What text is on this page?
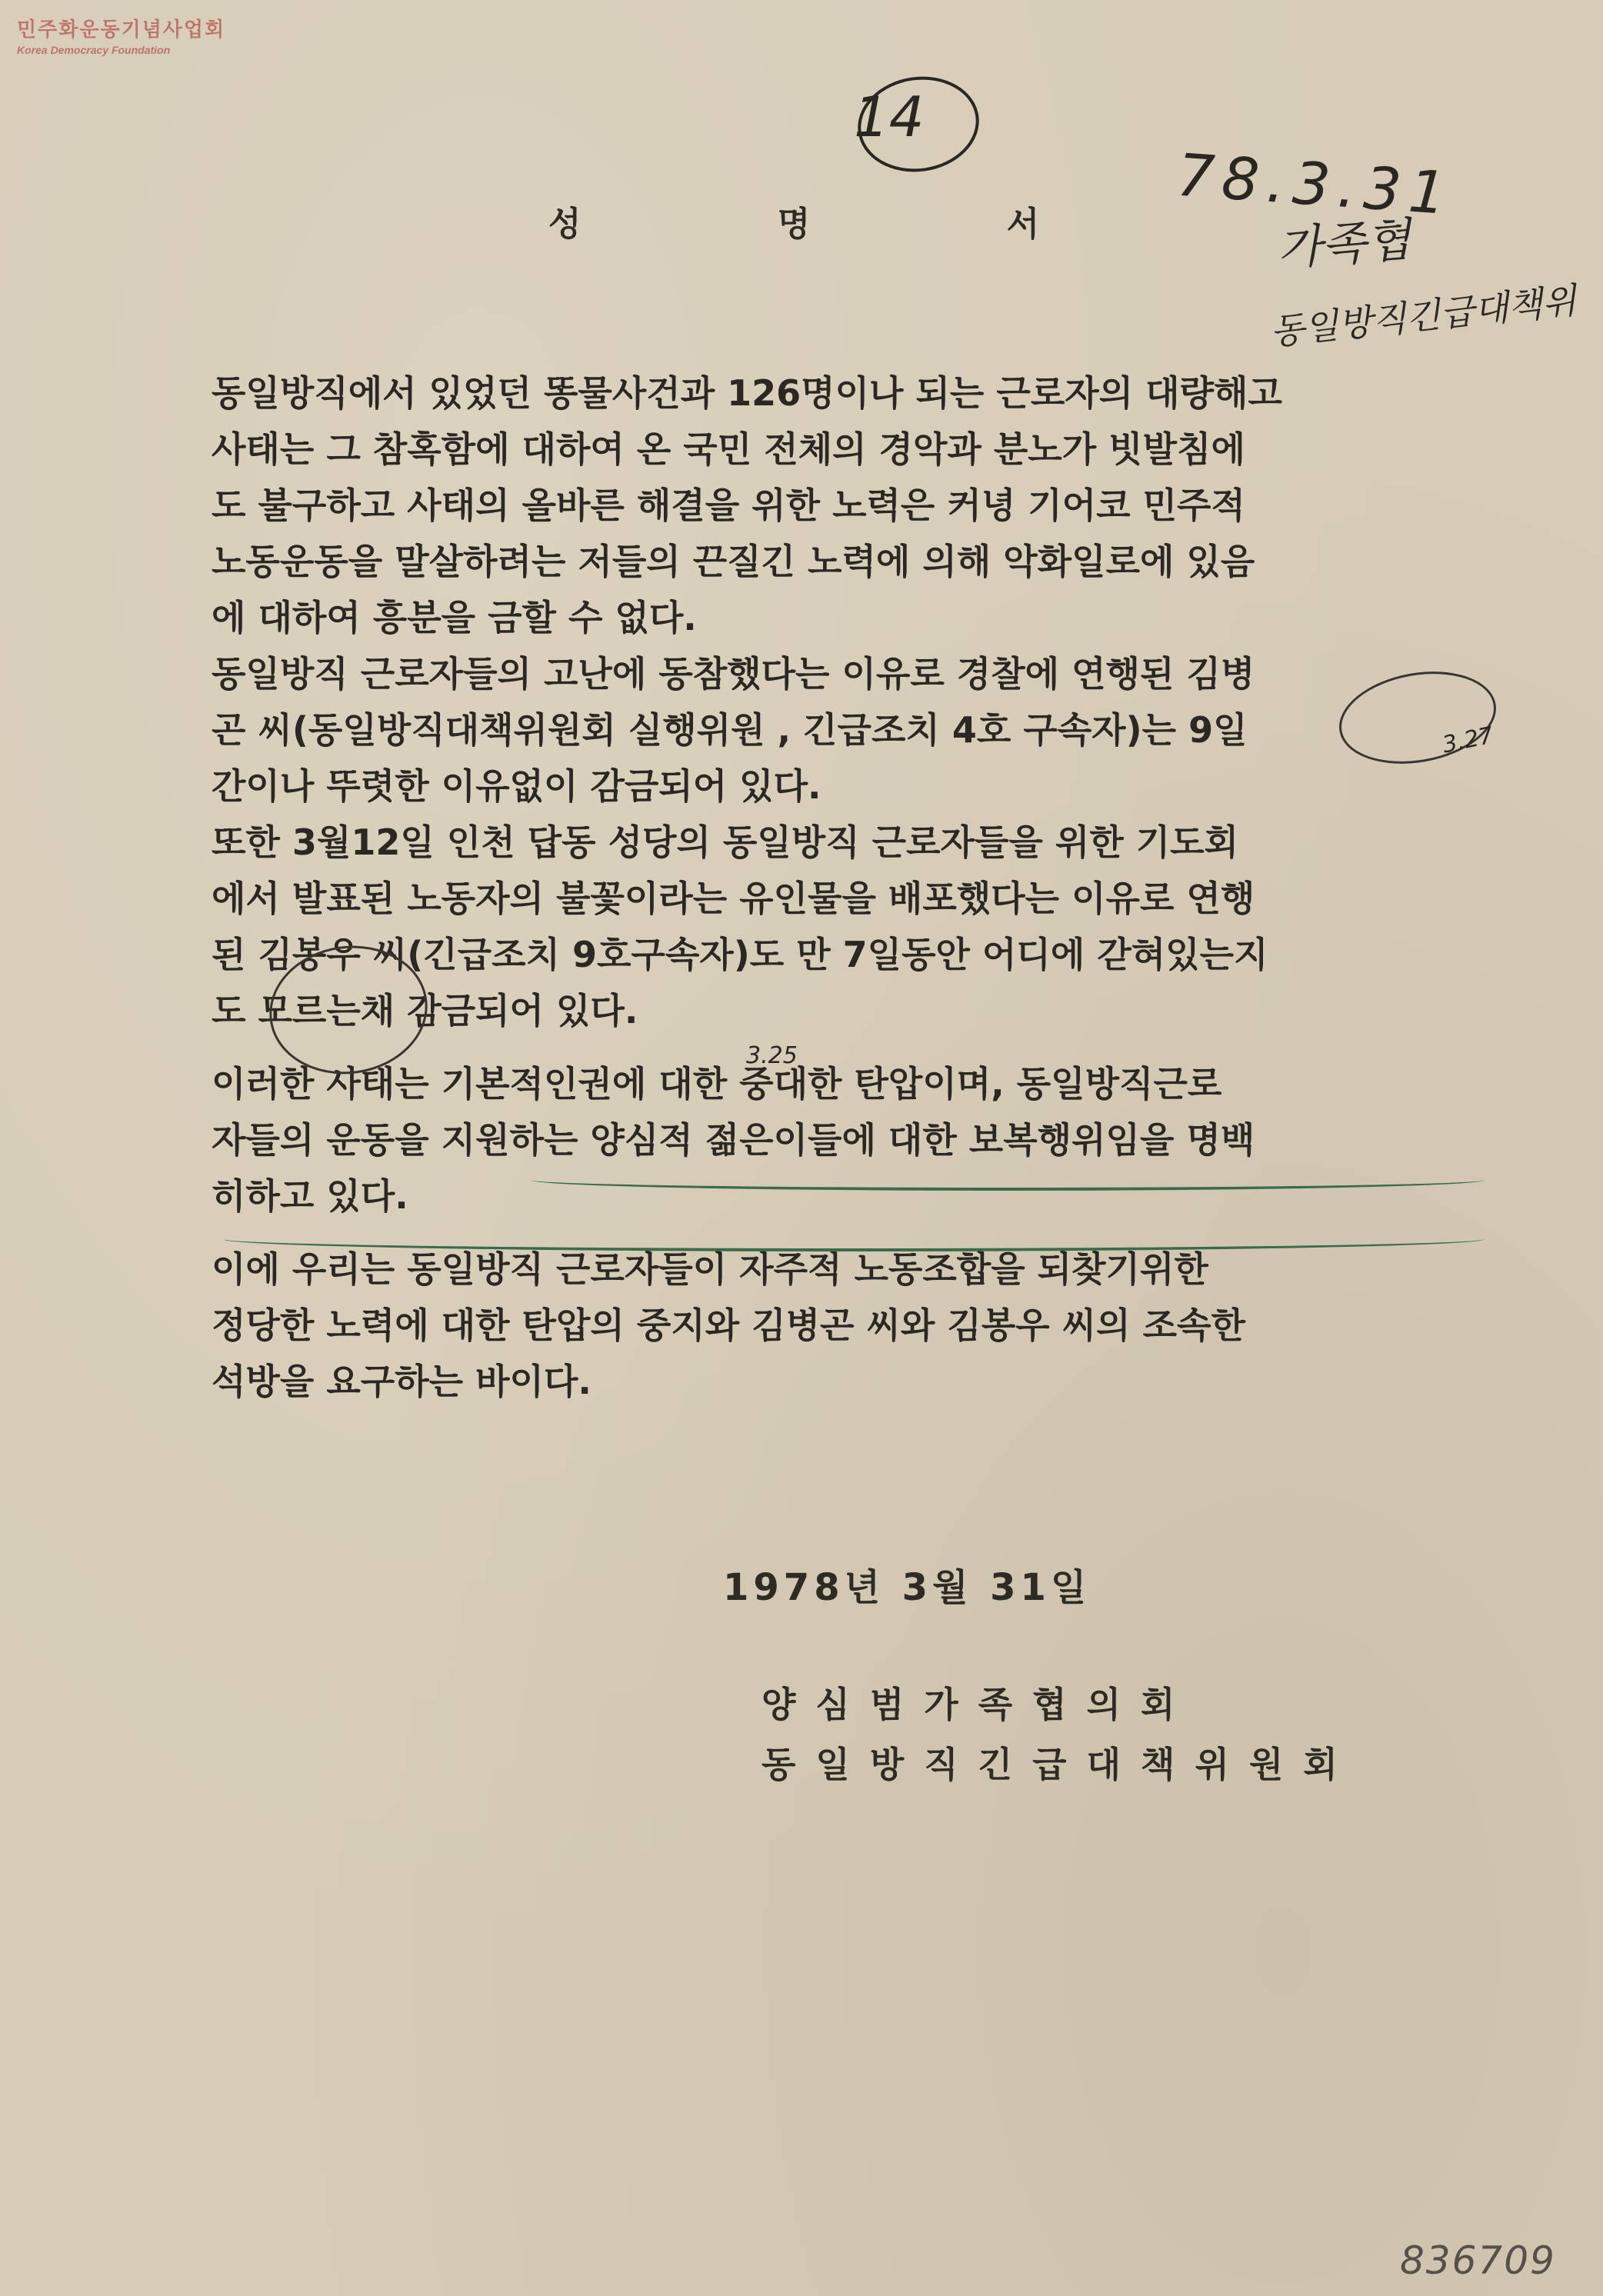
민주화운동기념사업회
Korea Democracy Foundation
14
78.3.31
가족협
동일방직긴급대책위
성 명 서

동일방직에서 있었던 똥물사건과 126명이나 되는 근로자의 대량해고

사태는 그 참혹함에 대하여 온 국민 전체의 경악과 분노가 빗발침에

도 불구하고 사태의 올바른 해결을 위한 노력은 커녕 기어코 민주적

노동운동을 말살하려는 저들의 끈질긴 노력에 의해 악화일로에 있음

에 대하여 흥분을 금할 수 없다.

동일방직 근로자들의 고난에 동참했다는 이유로 경찰에 연행된 김병

곤 씨(동일방직대책위원회 실행위원 , 긴급조치 4호 구속자)는 9일

간이나 뚜렷한 이유없이 감금되어 있다.

또한 3월12일 인천 답동 성당의 동일방직 근로자들을 위한 기도회

에서 발표된 노동자의 불꽃이라는 유인물을 배포했다는 이유로 연행

된 김봉우 씨(긴급조치 9호구속자)도 만 7일동안 어디에 갇혀있는지

도 모르는채 감금되어 있다.

이러한 사태는 기본적인권에 대한 중대한 탄압이며, 동일방직근로

자들의 운동을 지원하는 양심적 젊은이들에 대한 보복행위임을 명백

히하고 있다.

이에 우리는 동일방직 근로자들이 자주적 노동조합을 되찾기위한

정당한 노력에 대한 탄압의 중지와 김병곤 씨와 김봉우 씨의 조속한

석방을 요구하는 바이다.

3.27
3.25
1978년 3월 31일
양심범가족협의회
동일방직긴급대책위원회
836709
